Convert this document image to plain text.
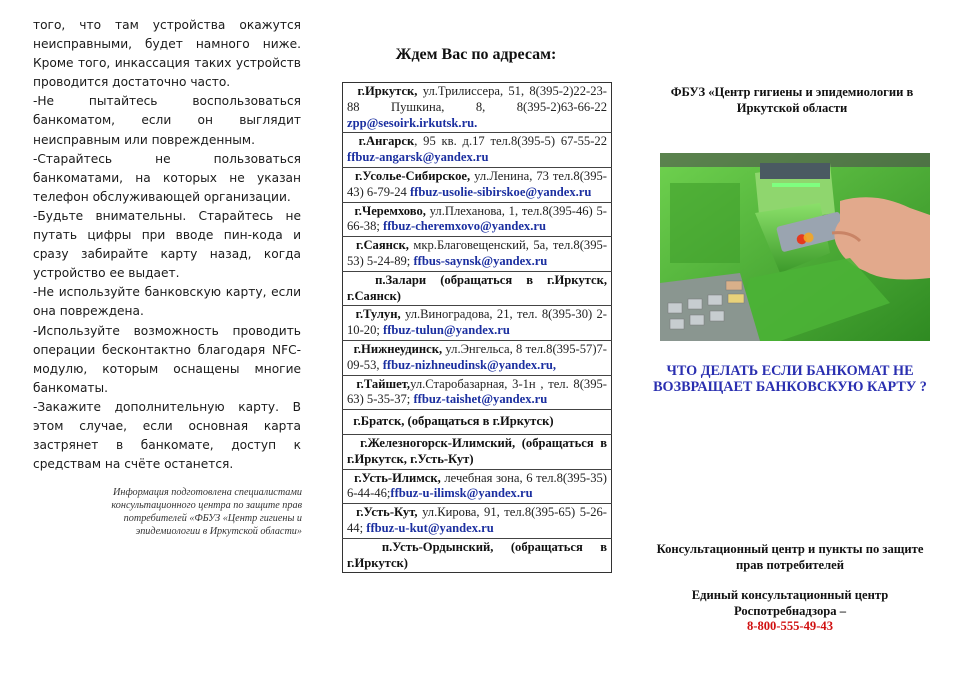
того, что там устройства окажутся неисправными, будет намного ниже. Кроме того, инкассация таких устройств проводится достаточно часто.

-Не пытайтесь воспользоваться банкоматом, если он выглядит неисправным или поврежденным.

-Старайтесь не пользоваться банкоматами, на которых не указан телефон обслуживающей организации.

-Будьте внимательны. Старайтесь не путать цифры при вводе пин-кода и сразу забирайте карту назад, когда устройство ее выдает.

-Не используйте банковскую карту, если она повреждена.

-Используйте возможность проводить операции бесконтактно благодаря NFC-модулю, которым оснащены многие банкоматы.

-Закажите дополнительную карту. В этом случае, если основная карта застрянет в банкомате, доступ к средствам на счёте останется.

Информация подготовлена специалистами консультационного центра по защите прав потребителей «ФБУЗ «Центр гигиены и эпидемиологии в Иркутской области»
Ждем Вас по адресам:
г.Иркутск, ул.Трилиссера, 51, 8(395-2)22-23-88 Пушкина, 8, 8(395-2)63-66-22 zpp@sesoirk.irkutsk.ru.
г.Ангарск, 95 кв. д.17 тел.8(395-5) 67-55-22 ffbuz-angarsk@yandex.ru
г.Усолье-Сибирское, ул.Ленина, 73 тел.8(395-43) 6-79-24 ffbuz-usolie-sibirskoe@yandex.ru
г.Черемхово, ул.Плеханова, 1, тел.8(395-46) 5-66-38; ffbuz-cheremxovo@yandex.ru
г.Саянск, мкр.Благовещенский, 5а, тел.8(395-53) 5-24-89; ffbus-saynsk@yandex.ru
п.Залари (обращаться в г.Иркутск, г.Саянск)
г.Тулун, ул.Виноградова, 21, тел. 8(395-30) 2-10-20; ffbuz-tulun@yandex.ru
г.Нижнеудинск, ул.Энгельса, 8 тел.8(395-57)7-09-53, ffbuz-nizhneudinsk@yandex.ru,
г.Тайшет,ул.Старобазарная, 3-1н , тел. 8(395-63) 5-35-37; ffbuz-taishet@yandex.ru
г.Братск, (обращаться в г.Иркутск)
г.Железногорск-Илимский, (обращаться в г.Иркутск, г.Усть-Кут)
г.Усть-Илимск, лечебная зона, 6 тел.8(395-35) 6-44-46;ffbuz-u-ilimsk@yandex.ru
г.Усть-Кут, ул.Кирова, 91, тел.8(395-65) 5-26-44; ffbuz-u-kut@yandex.ru
п.Усть-Ордынский, (обращаться в г.Иркутск)
ФБУЗ «Центр гигиены и эпидемиологии в Иркутской области
ЧТО ДЕЛАТЬ ЕСЛИ БАНКОМАТ НЕ ВОЗВРАЩАЕТ БАНКОВСКУЮ КАРТУ ?
Консультационный центр и пункты по защите прав потребителей
Единый консультационный центр Роспотребнадзора –
8-800-555-49-43
